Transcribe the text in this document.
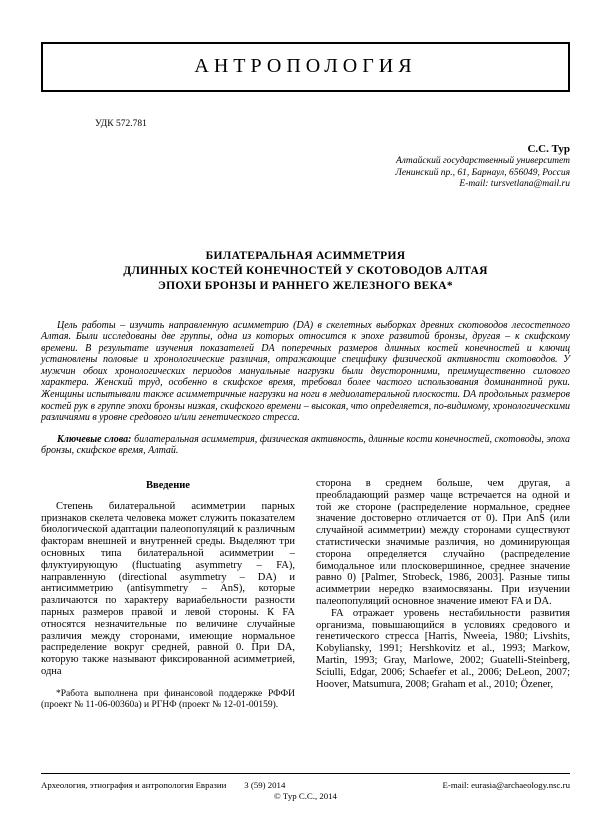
АНТРОПОЛОГИЯ
УДК 572.781
С.С. Тур
Алтайский государственный университет
Ленинский пр., 61, Барнаул, 656049, Россия
E-mail: tursvetlana@mail.ru
БИЛАТЕРАЛЬНАЯ АСИММЕТРИЯ
ДЛИННЫХ КОСТЕЙ КОНЕЧНОСТЕЙ У СКОТОВОДОВ АЛТАЯ
ЭПОХИ БРОНЗЫ И РАННЕГО ЖЕЛЕЗНОГО ВЕКА*
Цель работы – изучить направленную асимметрию (DA) в скелетных выборках древних скотоводов лесостепного Алтая. Были исследованы две группы, одна из которых относится к эпохе развитой бронзы, другая – к скифскому времени. В результате изучения показателей DA поперечных размеров длинных костей конечностей и ключиц установлены половые и хронологические различия, отражающие специфику физической активности скотоводов. У мужчин обоих хронологических периодов мануальные нагрузки были двусторонними, преимущественно силового характера. Женский труд, особенно в скифское время, требовал более частого использования доминантной руки. Женщины испытывали также асимметричные нагрузки на ноги в медиолатеральной плоскости. DA продольных размеров костей рук в группе эпохи бронзы низкая, скифского времени – высокая, что определяется, по-видимому, хронологическими различиями в уровне средового и/или генетического стресса.
Ключевые слова: билатеральная асимметрия, физическая активность, длинные кости конечностей, скотоводы, эпоха бронзы, скифское время, Алтай.
Введение

Степень билатеральной асимметрии парных признаков скелета человека может служить показателем биологической адаптации палеопопуляций к различным факторам внешней и внутренней среды. Выделяют три основных типа билатеральной асимметрии – флуктуирующую (fluctuating asymmetry – FA), направленную (directional asymmetry – DA) и антисимметрию (antisymmetry – AnS), которые различаются по характеру вариабельности разности парных размеров правой и левой стороны. К FA относятся незначительные по величине случайные различия между сторонами, имеющие нормальное распределение вокруг средней, равной 0. При DA, которую также называют фиксированной асимметрией, одна

*Работа выполнена при финансовой поддержке РФФИ (проект № 11-06-00360а) и РГНФ (проект № 12-01-00159).

сторона в среднем больше, чем другая, а преобладающий размер чаще встречается на одной и той же стороне (распределение нормальное, среднее значение достоверно отличается от 0). При AnS (или случайной асимметрии) между сторонами существуют статистически значимые различия, но доминирующая сторона определяется случайно (распределение бимодальное или плосковершинное, среднее значение равно 0) [Palmer, Strobeck, 1986, 2003]. Разные типы асимметрии нередко взаимосвязаны. При изучении палеопопуляций основное значение имеют FA и DA.

FA отражает уровень нестабильности развития организма, повышающийся в условиях средового и генетического стресса [Harris, Nweeia, 1980; Livshits, Kobyliansky, 1991; Hershkovitz et al., 1993; Markow, Martin, 1993; Gray, Marlowe, 2002; Guatelli-Steinberg, Sciulli, Edgar, 2006; Schaefer et al., 2006; DeLeon, 2007; Hoover, Matsumura, 2008; Graham et al., 2010; Özener,

Археология, этнография и антропология Евразии 3 (59) 2014	E-mail: eurasia@archaeology.nsc.ru
© Тур С.С., 2014
